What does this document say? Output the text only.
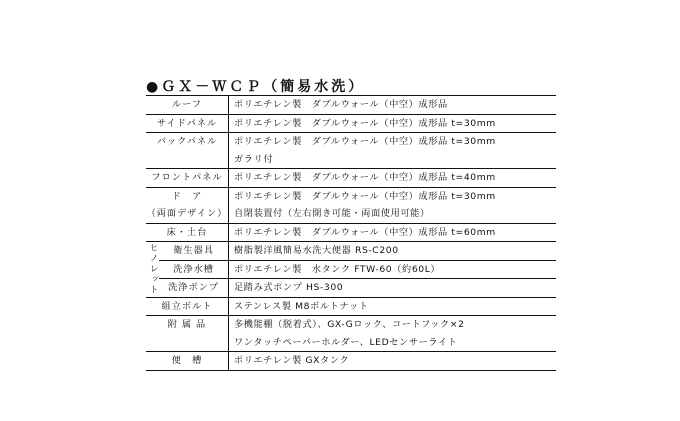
●ＧＸ－ＷＣＰ（簡易水洗）
ルーフ		ポリエチレン製　ダブルウォール（中空）成形品
サイドパネル		ポリエチレン製　ダブルウォール（中空）成形品 t=30mm
バックパネル		ポリエチレン製　ダブルウォール（中空）成形品 t=30mm
		ガラリ付
フロントパネル		ポリエチレン製　ダブルウォール（中空）成形品 t=40mm
ド　ア		ポリエチレン製　ダブルウォール（中空）成形品 t=30mm
（両面デザイン）		自閉装置付（左右開き可能・両面使用可能）
床・土台		ポリエチレン製　ダブルウォール（中空）成形品 t=60mm
ヒノレット	衛生器具	樹脂製洋風簡易水洗大便器 RS-C200
	洗浄水槽	ポリエチレン製　水タンク FTW-60（約60L）
	洗浄ポンプ	足踏み式ポンプ HS-300
組立ボルト		ステンレス製 M8ボルトナット
附 属 品		多機能棚（脱着式）、GX-Gロック、コートフック×2
		ワンタッチペーパーホルダー、LEDセンサーライト
便　槽		ポリエチレン製 GXタンク
